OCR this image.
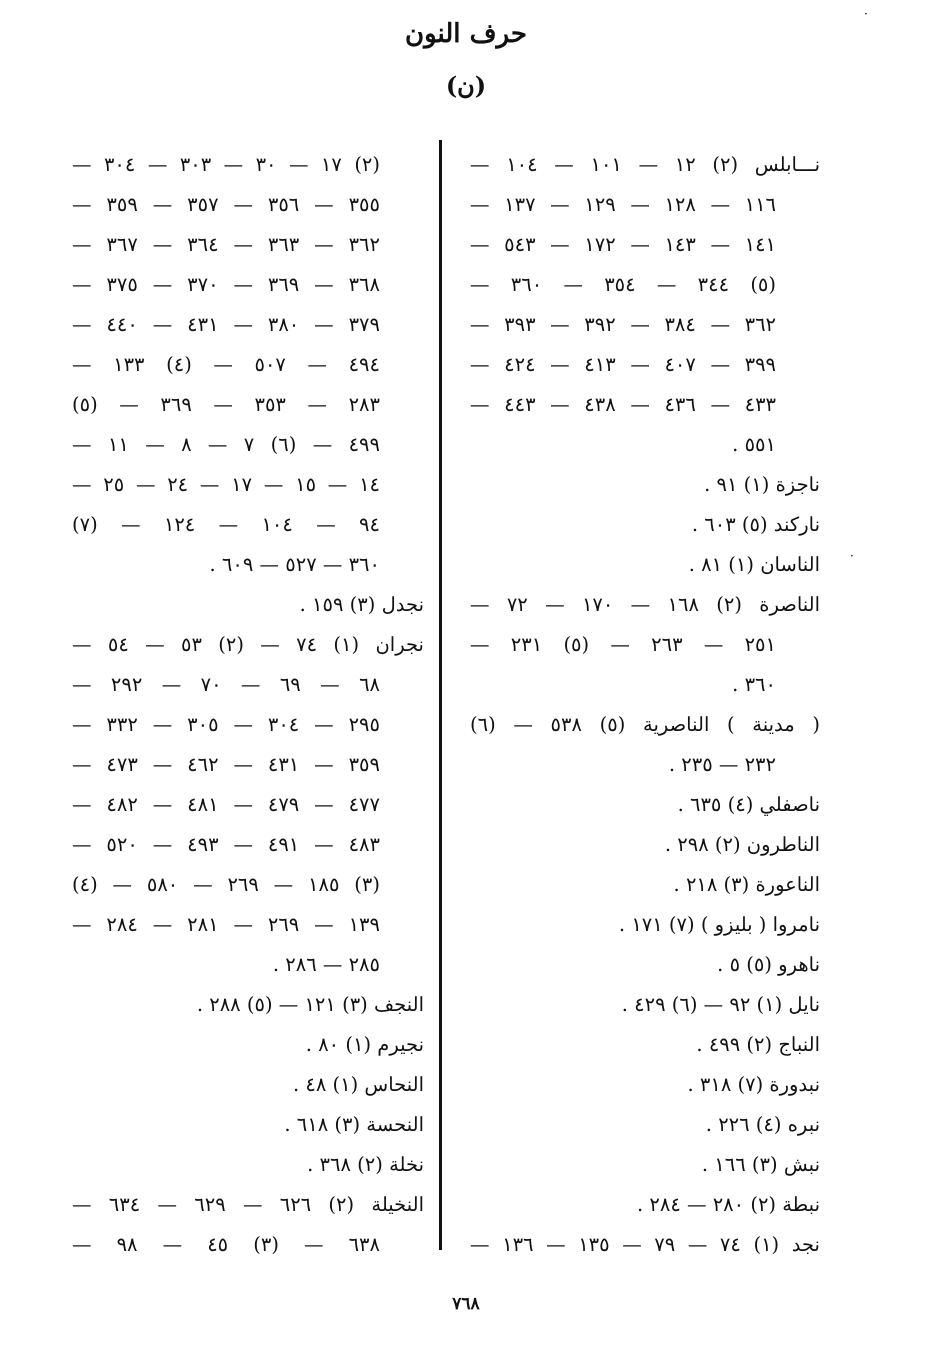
حرف النون
(ن)
نـــابلس (٢) ١٢ — ١٠١ — ١٠٤ —
١١٦ — ١٢٨ — ١٢٩ — ١٣٧ —
١٤١ — ١٤٣ — ١٧٢ — ٥٤٣ —
(٥) ٣٤٤ — ٣٥٤ — ٣٦٠ —
٣٦٢ — ٣٨٤ — ٣٩٢ — ٣٩٣ —
٣٩٩ — ٤٠٧ — ٤١٣ — ٤٢٤ —
٤٣٣ — ٤٣٦ — ٤٣٨ — ٤٤٣ —
٥٥١ .
ناجزة (١) ٩١ .
ناركند (٥) ٦٠٣ .
الناسان (١) ٨١ .
الناصرة (٢) ١٦٨ — ١٧٠ — ٧٢ —
٢٥١ — ٢٦٣ — (٥) ٢٣١ —
٣٦٠ .
( مدينة ) الناصرية (٥) ٥٣٨ — (٦)
٢٣٢ — ٢٣٥ .
ناصفلي (٤) ٦٣٥ .
الناطرون (٢) ٢٩٨ .
الناعورة (٣) ٢١٨ .
نامروا ( بليزو ) (٧) ١٧١ .
ناهرو (٥) ٥ .
نايل (١) ٩٢ — (٦) ٤٢٩ .
النباج (٢) ٤٩٩ .
نبدورة (٧) ٣١٨ .
نبره (٤) ٢٢٦ .
نبش (٣) ١٦٦ .
نبطة (٢) ٢٨٠ — ٢٨٤ .
نجد (١) ٧٤ — ٧٩ — ١٣٥ — ١٣٦ —
(٢) ١٧ — ٣٠ — ٣٠٣ — ٣٠٤ —
٣٥٥ — ٣٥٦ — ٣٥٧ — ٣٥٩ —
٣٦٢ — ٣٦٣ — ٣٦٤ — ٣٦٧ —
٣٦٨ — ٣٦٩ — ٣٧٠ — ٣٧٥ —
٣٧٩ — ٣٨٠ — ٤٣١ — ٤٤٠ —
٤٩٤ — ٥٠٧ — (٤) ١٣٣ —
٢٨٣ — ٣٥٣ — ٣٦٩ — (٥)
٤٩٩ — (٦) ٧ — ٨ — ١١ —
١٤ — ١٥ — ١٧ — ٢٤ — ٢٥ —
٩٤ — ١٠٤ — ١٢٤ — (٧)
٣٦٠ — ٥٢٧ — ٦٠٩ .
نجدل (٣) ١٥٩ .
نجران (١) ٧٤ — (٢) ٥٣ — ٥٤ —
٦٨ — ٦٩ — ٧٠ — ٢٩٢ —
٢٩٥ — ٣٠٤ — ٣٠٥ — ٣٣٢ —
٣٥٩ — ٤٣١ — ٤٦٢ — ٤٧٣ —
٤٧٧ — ٤٧٩ — ٤٨١ — ٤٨٢ —
٤٨٣ — ٤٩١ — ٤٩٣ — ٥٢٠ —
(٣) ١٨٥ — ٢٦٩ — ٥٨٠ — (٤)
١٣٩ — ٢٦٩ — ٢٨١ — ٢٨٤ —
٢٨٥ — ٢٨٦ .
النجف (٣) ١٢١ — (٥) ٢٨٨ .
نجيرم (١) ٨٠ .
النحاس (١) ٤٨ .
النحسة (٣) ٦١٨ .
نخلة (٢) ٣٦٨ .
النخيلة (٢) ٦٢٦ — ٦٢٩ — ٦٣٤ —
٦٣٨ — (٣) ٤٥ — ٩٨ —
٧٦٨
·
·
